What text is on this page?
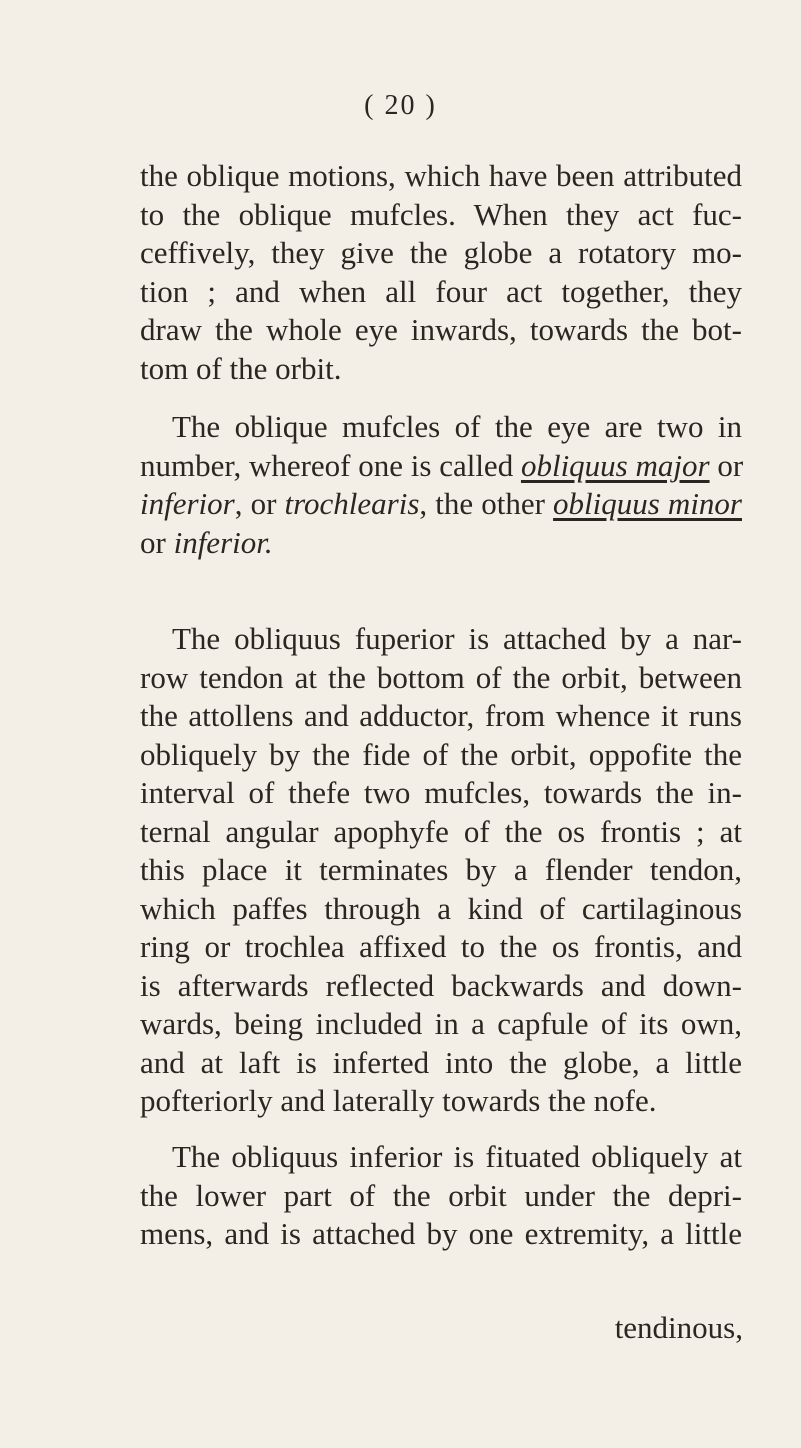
( 20 )
the oblique motions, which have been attributed
to the oblique mufcles. When they act fuc-
ceffively, they give the globe a rotatory mo-
tion ; and when all four act together, they
draw the whole eye inwards, towards the bot-
tom of the orbit.
The oblique mufcles of the eye are two in
number, whereof one is called obliquus major or
inferior, or trochlearis, the other obliquus minor
or inferior.
The obliquus fuperior is attached by a nar-
row tendon at the bottom of the orbit, between
the attollens and adductor, from whence it runs
obliquely by the fide of the orbit, oppofite the
interval of thefe two mufcles, towards the in-
ternal angular apophyfe of the os frontis ; at
this place it terminates by a flender tendon,
which paffes through a kind of cartilaginous
ring or trochlea affixed to the os frontis, and
is afterwards reflected backwards and down-
wards, being included in a capfule of its own,
and at laft is inferted into the globe, a little
pofteriorly and laterally towards the nofe.
The obliquus inferior is fituated obliquely at
the lower part of the orbit under the depri-
mens, and is attached by one extremity, a little
tendinous,
